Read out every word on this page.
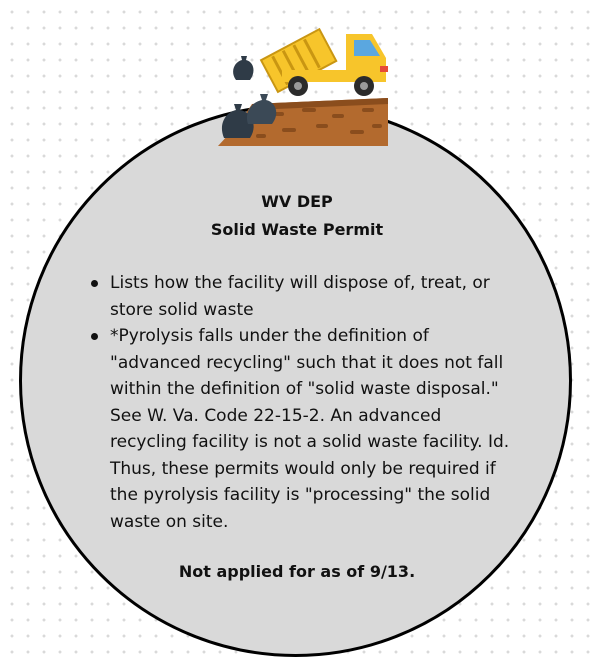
WV DEP
Solid Waste Permit
Lists how the facility will dispose of, treat, or store solid waste
*Pyrolysis falls under the definition of "advanced recycling" such that it does not fall within the definition of "solid waste disposal." See W. Va. Code 22-15-2. An advanced recycling facility is not a solid waste facility. Id. Thus, these permits would only be required if the pyrolysis facility is "processing" the solid waste on site.
Not applied for as of 9/13.
